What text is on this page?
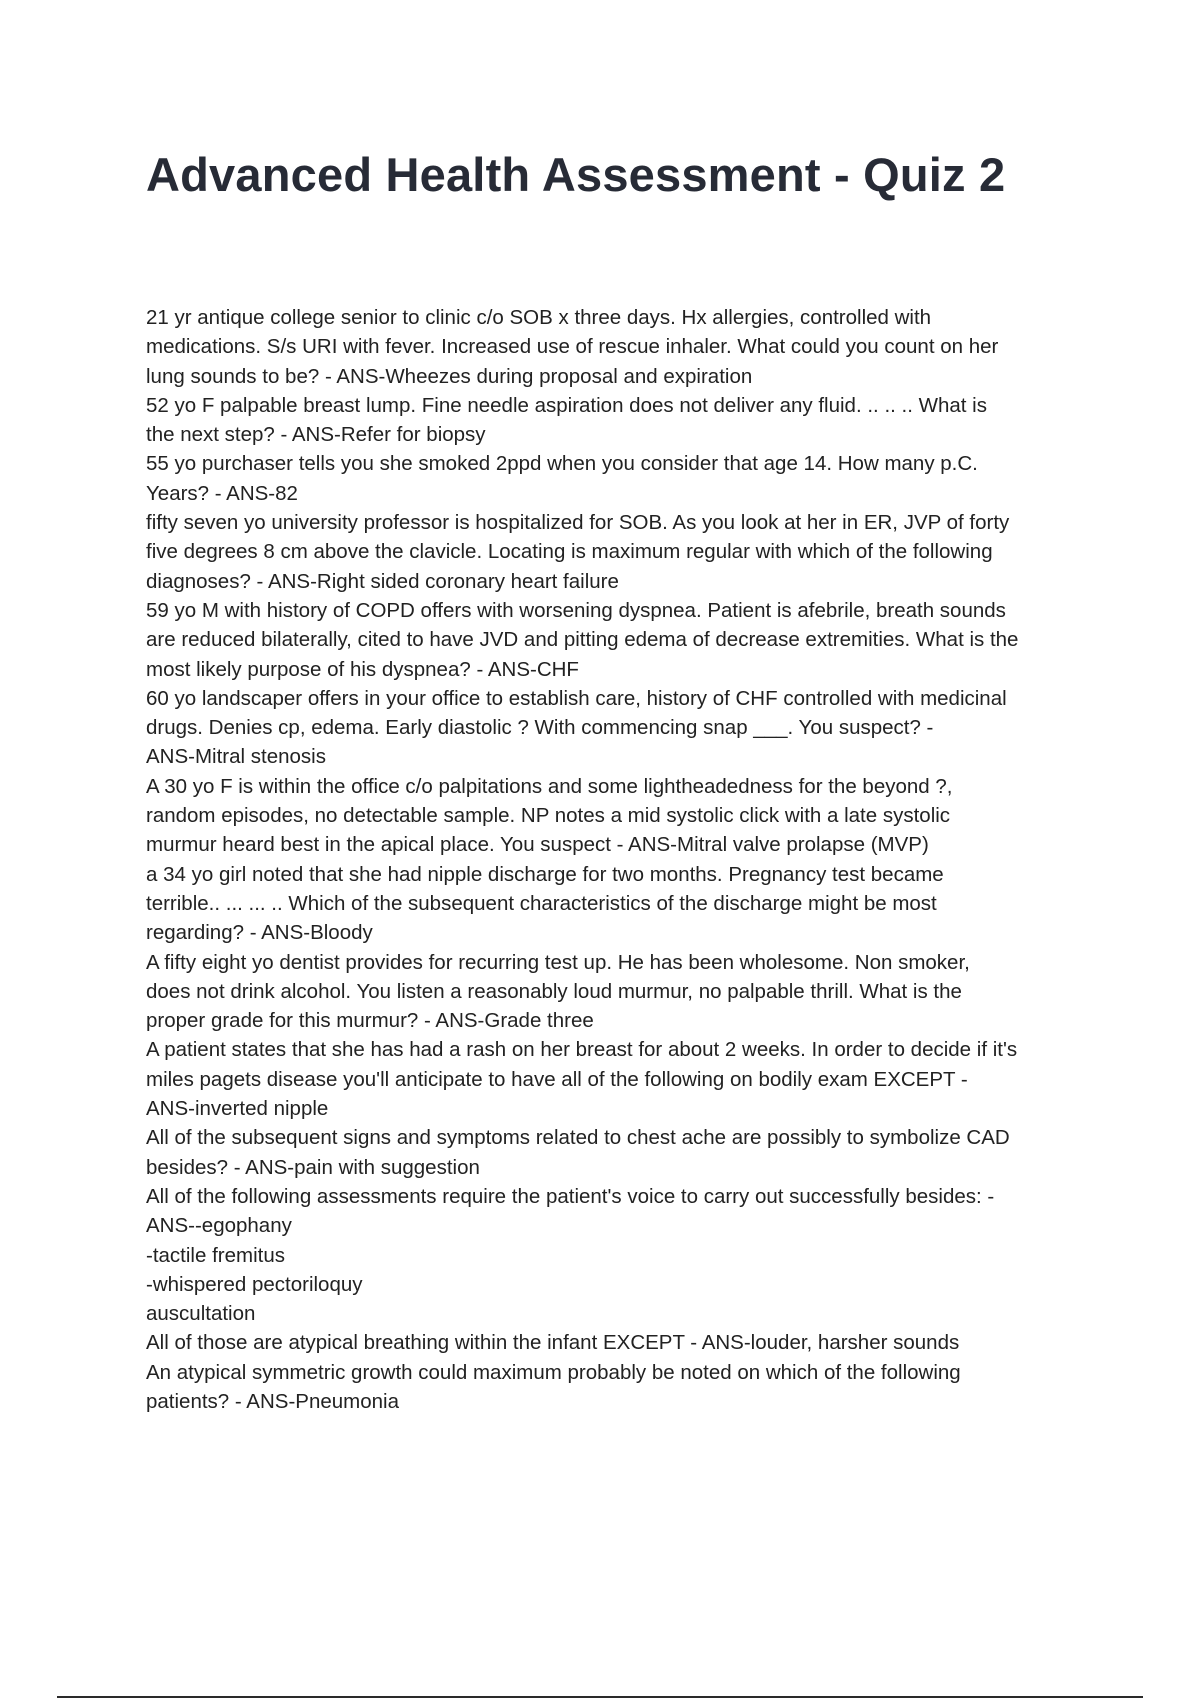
Advanced Health Assessment - Quiz 2
21 yr antique college senior to clinic c/o SOB x three days. Hx allergies, controlled with
medications. S/s URI with fever. Increased use of rescue inhaler. What could you count on her
lung sounds to be? - ANS-Wheezes during proposal and expiration
52 yo F palpable breast lump. Fine needle aspiration does not deliver any fluid. .. .. .. What is
the next step? - ANS-Refer for biopsy
55 yo purchaser tells you she smoked 2ppd when you consider that age 14. How many p.C.
Years? - ANS-82
fifty seven yo university professor is hospitalized for SOB. As you look at her in ER, JVP of forty
five degrees 8 cm above the clavicle. Locating is maximum regular with which of the following
diagnoses? - ANS-Right sided coronary heart failure
59 yo M with history of COPD offers with worsening dyspnea. Patient is afebrile, breath sounds
are reduced bilaterally, cited to have JVD and pitting edema of decrease extremities. What is the
most likely purpose of his dyspnea? - ANS-CHF
60 yo landscaper offers in your office to establish care, history of CHF controlled with medicinal
drugs. Denies cp, edema. Early diastolic ? With commencing snap ___. You suspect? -
ANS-Mitral stenosis
A 30 yo F is within the office c/o palpitations and some lightheadedness for the beyond ?,
random episodes, no detectable sample. NP notes a mid systolic click with a late systolic
murmur heard best in the apical place. You suspect - ANS-Mitral valve prolapse (MVP)
a 34 yo girl noted that she had nipple discharge for two months. Pregnancy test became
terrible.. ... ... .. Which of the subsequent characteristics of the discharge might be most
regarding? - ANS-Bloody
A fifty eight yo dentist provides for recurring test up. He has been wholesome. Non smoker,
does not drink alcohol. You listen a reasonably loud murmur, no palpable thrill. What is the
proper grade for this murmur? - ANS-Grade three
A patient states that she has had a rash on her breast for about 2 weeks. In order to decide if it's
miles pagets disease you'll anticipate to have all of the following on bodily exam EXCEPT -
ANS-inverted nipple
All of the subsequent signs and symptoms related to chest ache are possibly to symbolize CAD
besides? - ANS-pain with suggestion
All of the following assessments require the patient's voice to carry out successfully besides: -
ANS--egophany
-tactile fremitus
-whispered pectoriloquy
auscultation
All of those are atypical breathing within the infant EXCEPT - ANS-louder, harsher sounds
An atypical symmetric growth could maximum probably be noted on which of the following
patients? - ANS-Pneumonia
